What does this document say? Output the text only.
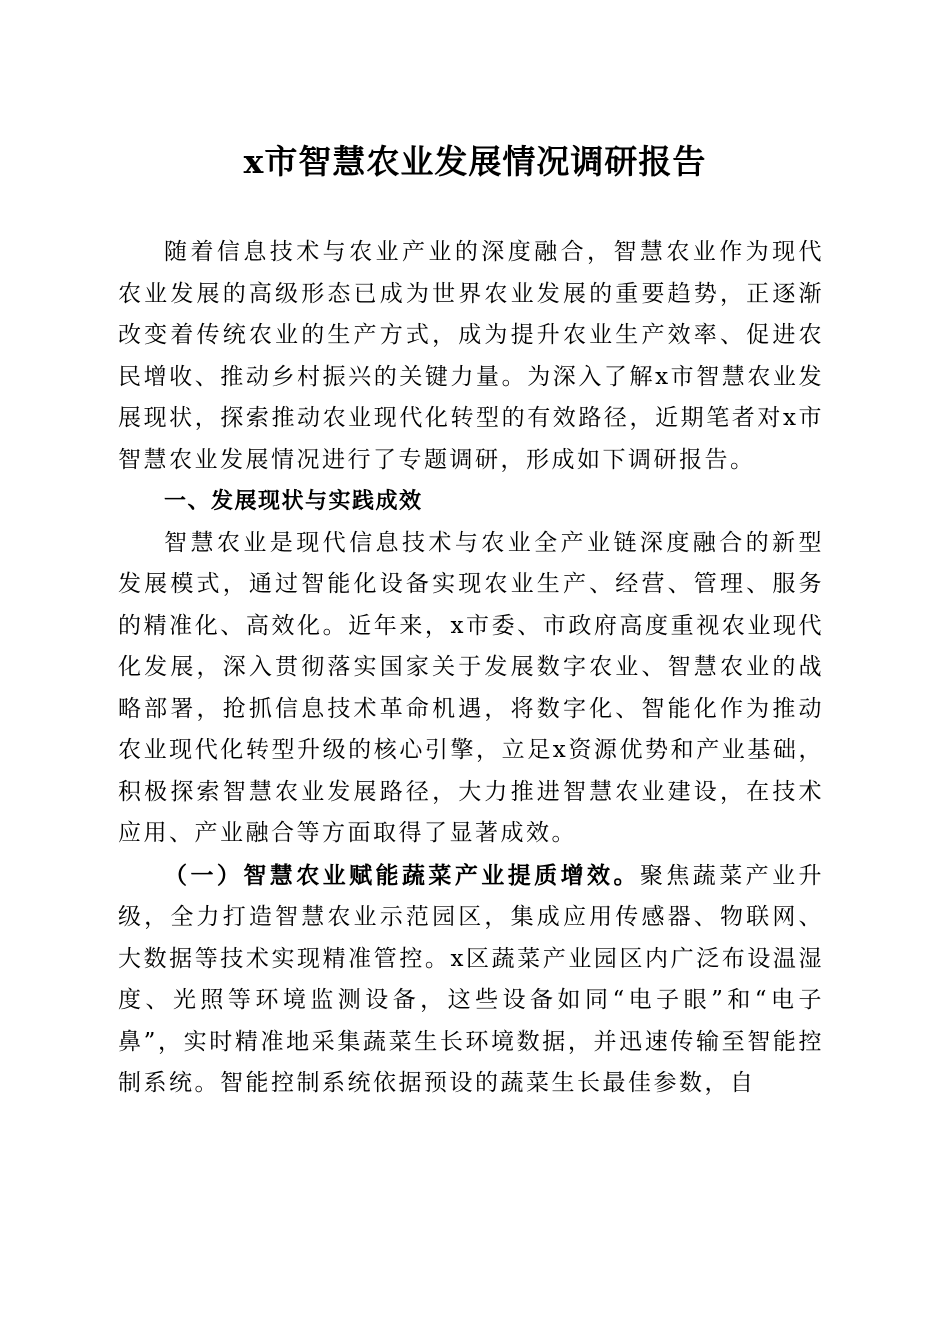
x市智慧农业发展情况调研报告

随着信息技术与农业产业的深度融合，智慧农业作为现代农业发展的高级形态已成为世界农业发展的重要趋势，正逐渐改变着传统农业的生产方式，成为提升农业生产效率、促进农民增收、推动乡村振兴的关键力量。为深入了解x市智慧农业发展现状，探索推动农业现代化转型的有效路径，近期笔者对x市智慧农业发展情况进行了专题调研，形成如下调研报告。

一、发展现状与实践成效

智慧农业是现代信息技术与农业全产业链深度融合的新型发展模式，通过智能化设备实现农业生产、经营、管理、服务的精准化、高效化。近年来，x市委、市政府高度重视农业现代化发展，深入贯彻落实国家关于发展数字农业、智慧农业的战略部署，抢抓信息技术革命机遇，将数字化、智能化作为推动农业现代化转型升级的核心引擎，立足x资源优势和产业基础，积极探索智慧农业发展路径，大力推进智慧农业建设，在技术应用、产业融合等方面取得了显著成效。

（一）智慧农业赋能蔬菜产业提质增效。聚焦蔬菜产业升级，全力打造智慧农业示范园区，集成应用传感器、物联网、大数据等技术实现精准管控。x区蔬菜产业园区内广泛布设温湿度、光照等环境监测设备，这些设备如同“电子眼”和“电子鼻”，实时精准地采集蔬菜生长环境数据，并迅速传输至智能控制系统。智能控制系统依据预设的蔬菜生长最佳参数，自
